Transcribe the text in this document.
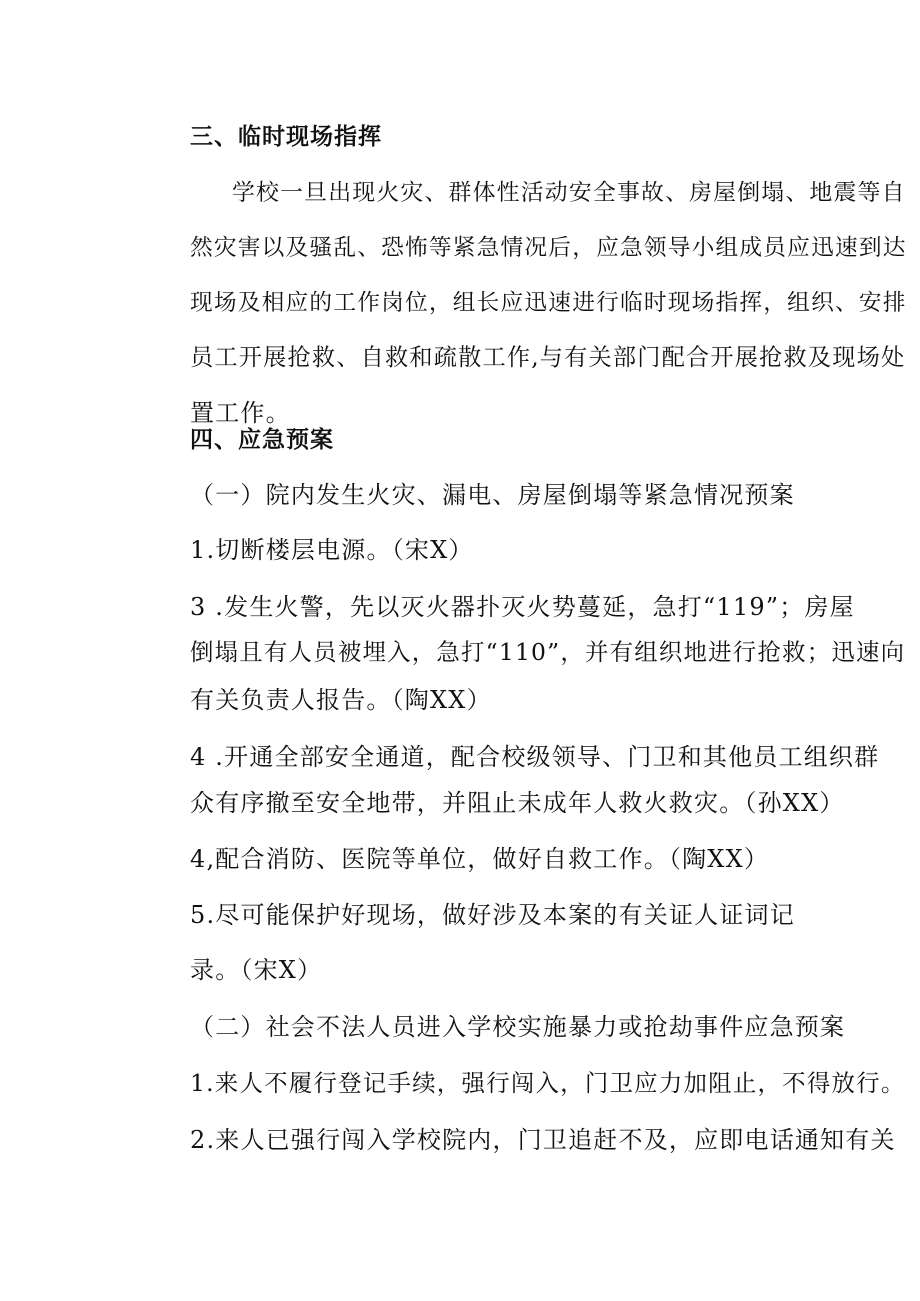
三、临时现场指挥
学校一旦出现火灾、群体性活动安全事故、房屋倒塌、地震等自
然灾害以及骚乱、恐怖等紧急情况后，应急领导小组成员应迅速到达
现场及相应的工作岗位，组长应迅速进行临时现场指挥，组织、安排
员工开展抢救、自救和疏散工作,与有关部门配合开展抢救及现场处
置工作。
四、应急预案
（一）院内发生火灾、漏电、房屋倒塌等紧急情况预案
1.切断楼层电源。（宋X）
3 .发生火警，先以灭火器扑灭火势蔓延，急打“119”；房屋
倒塌且有人员被埋入，急打“110”，并有组织地进行抢救；迅速向
有关负责人报告。（陶XX）
4 .开通全部安全通道，配合校级领导、门卫和其他员工组织群
众有序撤至安全地带，并阻止未成年人救火救灾。（孙XX）
4,配合消防、医院等单位，做好自救工作。（陶XX）
5.尽可能保护好现场，做好涉及本案的有关证人证词记
录。（宋X）
（二）社会不法人员进入学校实施暴力或抢劫事件应急预案
1.来人不履行登记手续，强行闯入，门卫应力加阻止，不得放行。
2.来人已强行闯入学校院内，门卫追赶不及，应即电话通知有关
